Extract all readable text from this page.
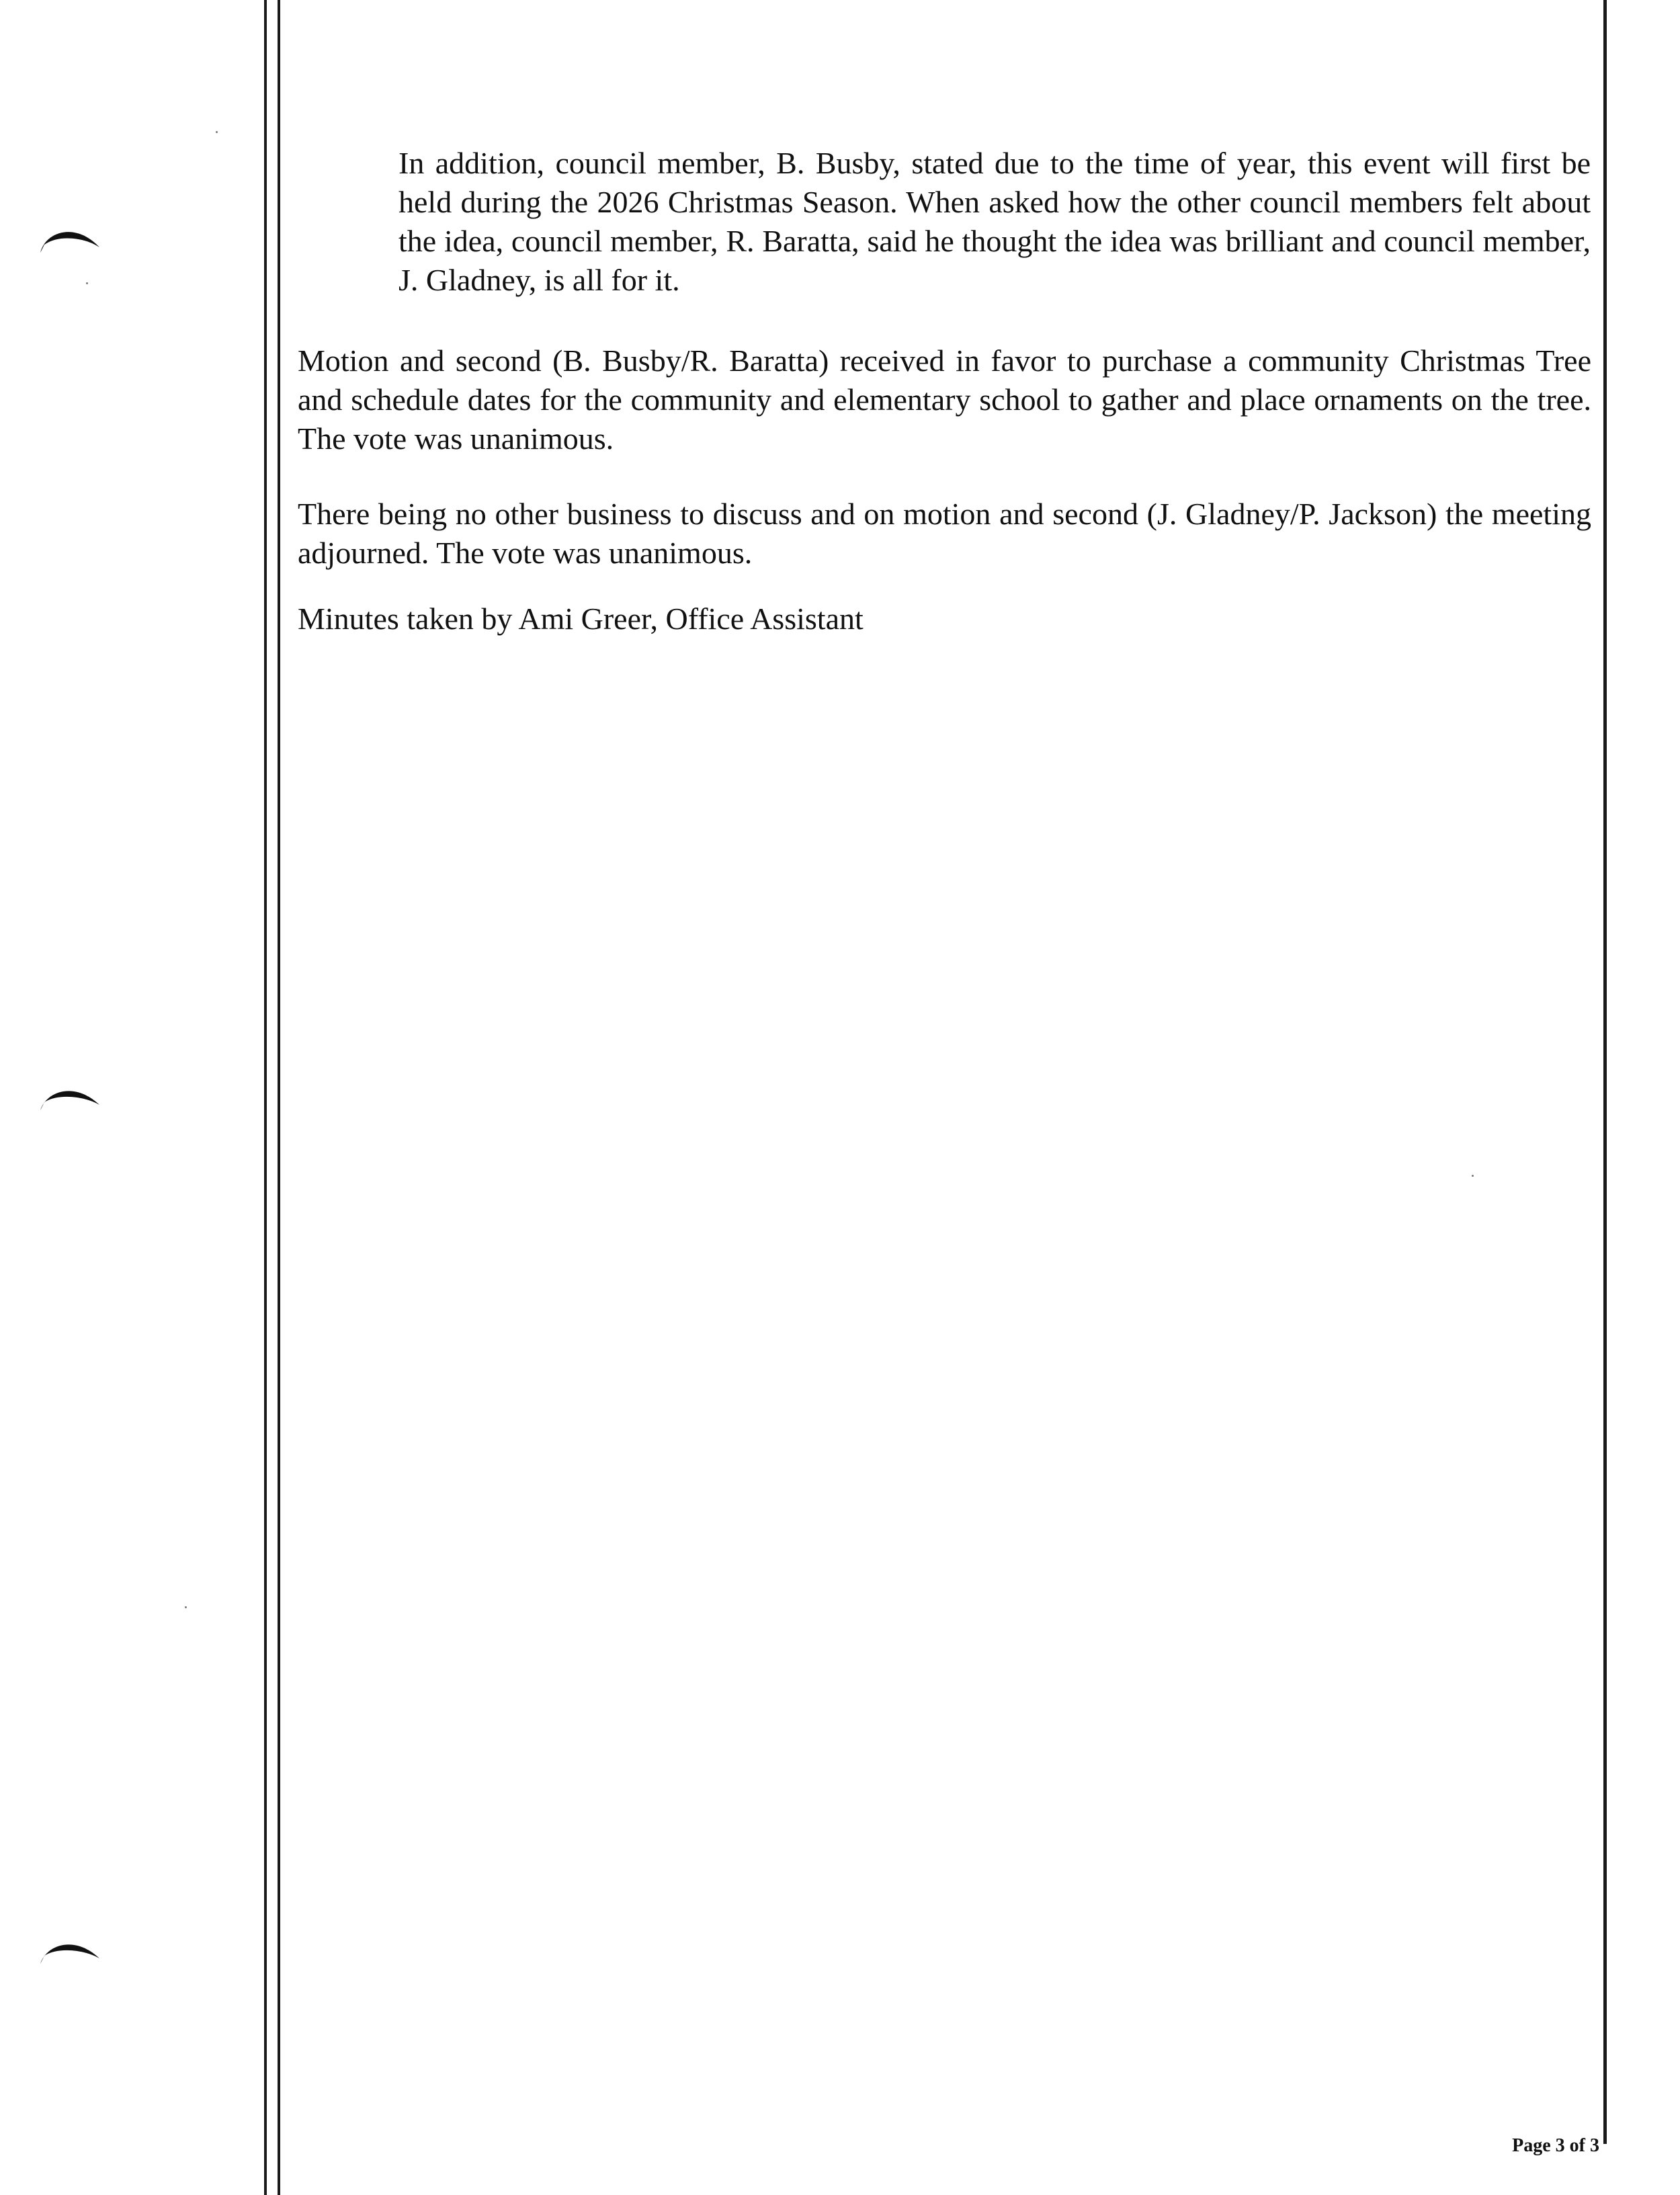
In addition, council member, B. Busby, stated due to the time of year, this event will first be held during the 2026 Christmas Season. When asked how the other council members felt about the idea, council member, R. Baratta, said he thought the idea was brilliant and council member, J. Gladney, is all for it.

Motion and second (B. Busby/R. Baratta) received in favor to purchase a community Christmas Tree and schedule dates for the community and elementary school to gather and place ornaments on the tree. The vote was unanimous.

There being no other business to discuss and on motion and second (J. Gladney/P. Jackson) the meeting adjourned. The vote was unanimous.

Minutes taken by Ami Greer, Office Assistant

Page 3 of 3
